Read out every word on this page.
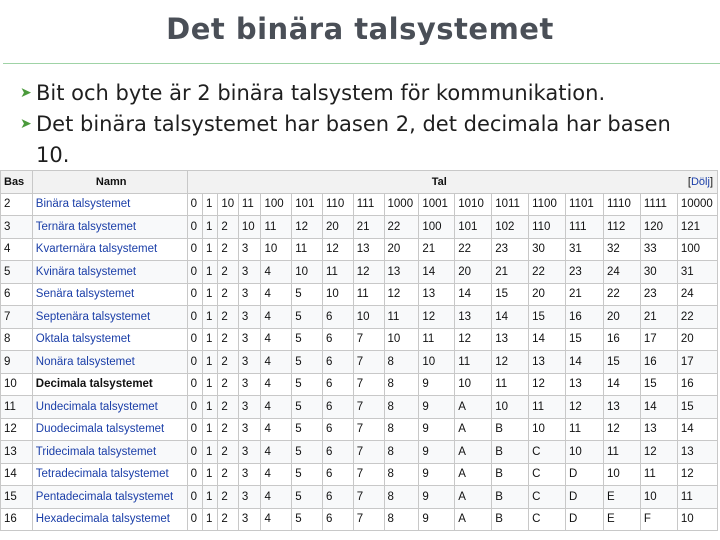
Det binära talsystemet
➤ Bit och byte är 2 binära talsystem för kommunikation.
➤ Det binära talsystemet har basen 2, det decimala har basen 10.
Bas	Namn	Tal [Dölj]																

2	Binära talsystemet	0	1	10	11	100	101	110	111	1000	1001	1010	1011	1100	1101	1110	1111	10000
3	Ternära talsystemet	0	1	2	10	11	12	20	21	22	100	101	102	110	111	112	120	121
4	Kvarternära talsystemet	0	1	2	3	10	11	12	13	20	21	22	23	30	31	32	33	100
5	Kvinära talsystemet	0	1	2	3	4	10	11	12	13	14	20	21	22	23	24	30	31
6	Senära talsystemet	0	1	2	3	4	5	10	11	12	13	14	15	20	21	22	23	24
7	Septenära talsystemet	0	1	2	3	4	5	6	10	11	12	13	14	15	16	20	21	22
8	Oktala talsystemet	0	1	2	3	4	5	6	7	10	11	12	13	14	15	16	17	20
9	Nonära talsystemet	0	1	2	3	4	5	6	7	8	10	11	12	13	14	15	16	17
10	Decimala talsystemet	0	1	2	3	4	5	6	7	8	9	10	11	12	13	14	15	16
11	Undecimala talsystemet	0	1	2	3	4	5	6	7	8	9	A	10	11	12	13	14	15
12	Duodecimala talsystemet	0	1	2	3	4	5	6	7	8	9	A	B	10	11	12	13	14
13	Tridecimala talsystemet	0	1	2	3	4	5	6	7	8	9	A	B	C	10	11	12	13
14	Tetradecimala talsystemet	0	1	2	3	4	5	6	7	8	9	A	B	C	D	10	11	12
15	Pentadecimala talsystemet	0	1	2	3	4	5	6	7	8	9	A	B	C	D	E	10	11
16	Hexadecimala talsystemet	0	1	2	3	4	5	6	7	8	9	A	B	C	D	E	F	10
